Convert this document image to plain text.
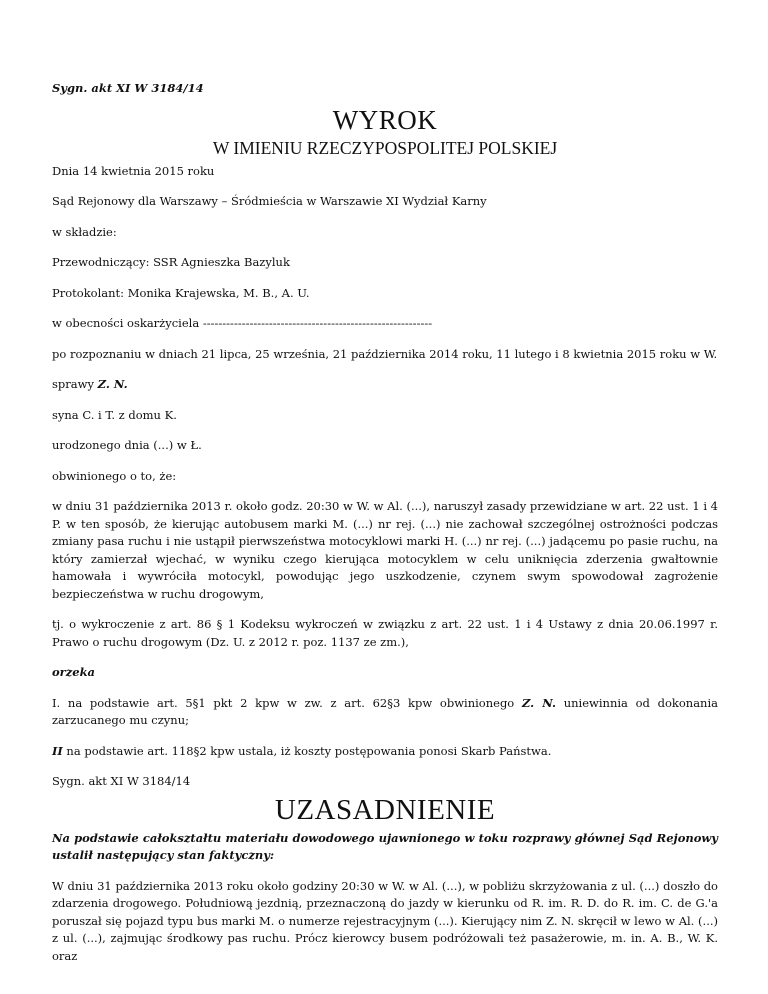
Sygn. akt XI W 3184/14

WYROK
W IMIENIU RZECZYPOSPOLITEJ POLSKIEJ

Dnia 14 kwietnia 2015 roku

Sąd Rejonowy dla Warszawy – Śródmieścia w Warszawie XI Wydział Karny

w składzie:

Przewodniczący: SSR Agnieszka Bazyluk

Protokolant: Monika Krajewska, M. B., A. U.

w obecności oskarżyciela -----------------------------------------------------------

po rozpoznaniu w dniach 21 lipca, 25 września, 21 października 2014 roku, 11 lutego i 8 kwietnia 2015 roku w W.

sprawy Z. N.

syna C. i T. z domu K.

urodzonego dnia (...) w Ł.

obwinionego o to, że:

w dniu 31 października 2013 r. około godz. 20:30 w W. w Al. (...), naruszył zasady przewidziane w art. 22 ust. 1 i 4 P. w ten sposób, że kierując autobusem marki M. (...) nr rej. (...) nie zachował szczególnej ostrożności podczas zmiany pasa ruchu i nie ustąpił pierwszeństwa motocyklowi marki H. (...) nr rej. (...) jadącemu po pasie ruchu, na który zamierzał wjechać, w wyniku czego kierująca motocyklem w celu uniknięcia zderzenia gwałtownie hamowała i wywróciła motocykl, powodując jego uszkodzenie, czynem swym spowodował zagrożenie bezpieczeństwa w ruchu drogowym,

tj. o wykroczenie z art. 86 § 1 Kodeksu wykroczeń w związku z art. 22 ust. 1 i 4 Ustawy z dnia 20.06.1997 r. Prawo o ruchu drogowym (Dz. U. z 2012 r. poz. 1137 ze zm.),

orzeka

I. na podstawie art. 5§1 pkt 2 kpw w zw. z art. 62§3 kpw obwinionego Z. N. uniewinnia od dokonania zarzucanego mu czynu;

II na podstawie art. 118§2 kpw ustala, iż koszty postępowania ponosi Skarb Państwa.

Sygn. akt XI W 3184/14

UZASADNIENIE

Na podstawie całokształtu materiału dowodowego ujawnionego w toku rozprawy głównej Sąd Rejonowy ustalił następujący stan faktyczny:

W dniu 31 października 2013 roku około godziny 20:30 w W. w Al. (...), w pobliżu skrzyżowania z ul. (...) doszło do zdarzenia drogowego. Południową jezdnią, przeznaczoną do jazdy w kierunku od R. im. R. D. do R. im. C. de G.'a poruszał się pojazd typu bus marki M. o numerze rejestracyjnym (...). Kierujący nim Z. N. skręcił w lewo w Al. (...) z ul. (...), zajmując środkowy pas ruchu. Prócz kierowcy busem podróżowali też pasażerowie, m. in. A. B., W. K. oraz
